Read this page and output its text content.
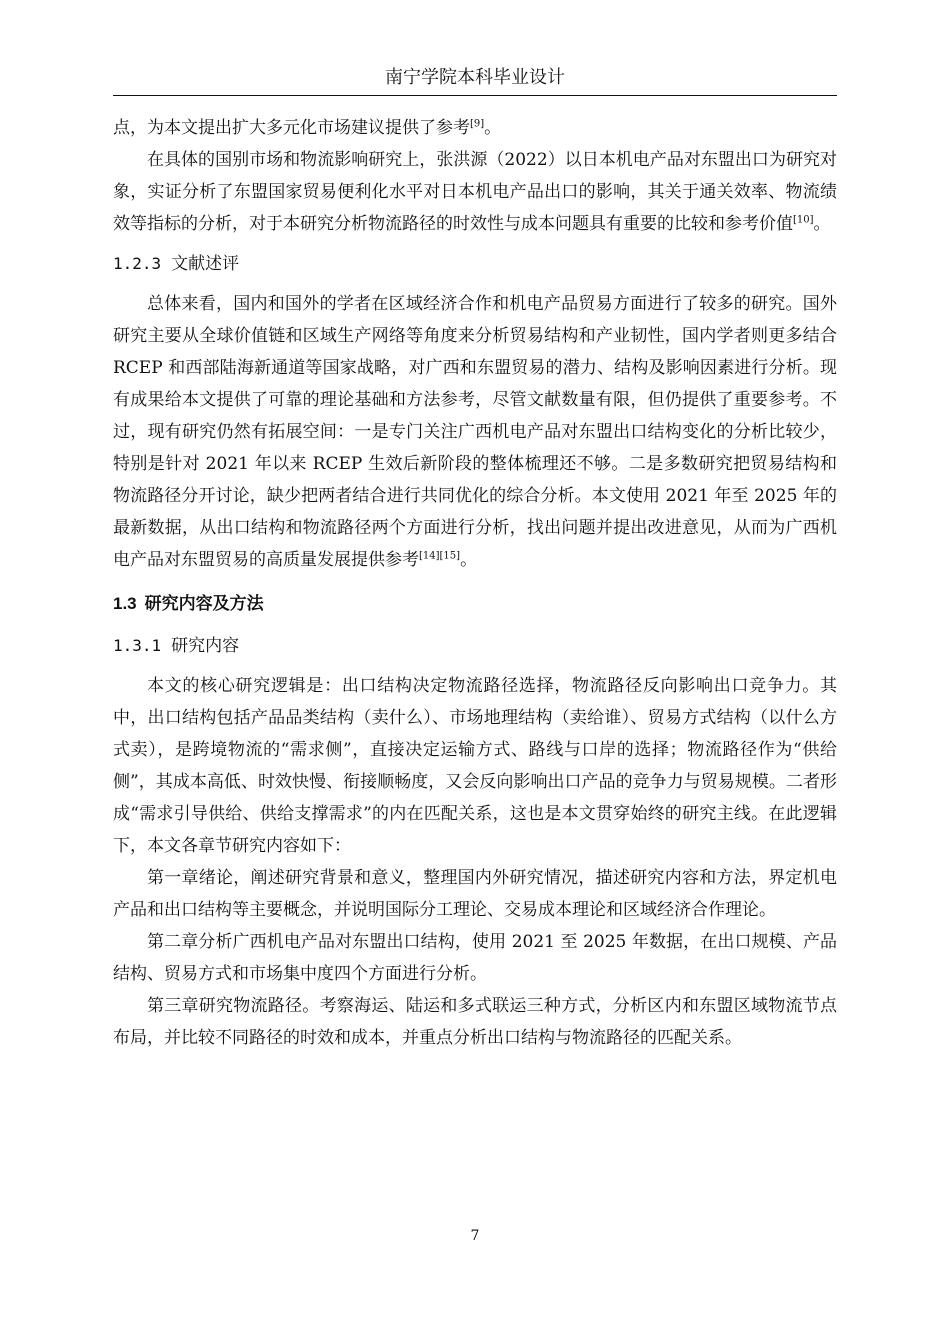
南宁学院本科毕业设计

点，为本文提出扩大多元化市场建议提供了参考[9]。

在具体的国别市场和物流影响研究上，张洪源（2022）以日本机电产品对东盟出口为研究对象，实证分析了东盟国家贸易便利化水平对日本机电产品出口的影响，其关于通关效率、物流绩效等指标的分析，对于本研究分析物流路径的时效性与成本问题具有重要的比较和参考价值[10]。

1.2.3 文献述评

总体来看，国内和国外的学者在区域经济合作和机电产品贸易方面进行了较多的研究。国外研究主要从全球价值链和区域生产网络等角度来分析贸易结构和产业韧性，国内学者则更多结合 RCEP 和西部陆海新通道等国家战略，对广西和东盟贸易的潜力、结构及影响因素进行分析。现有成果给本文提供了可靠的理论基础和方法参考，尽管文献数量有限，但仍提供了重要参考。不过，现有研究仍然有拓展空间：一是专门关注广西机电产品对东盟出口结构变化的分析比较少，特别是针对 2021 年以来 RCEP 生效后新阶段的整体梳理还不够。二是多数研究把贸易结构和物流路径分开讨论，缺少把两者结合进行共同优化的综合分析。本文使用 2021 年至 2025 年的最新数据，从出口结构和物流路径两个方面进行分析，找出问题并提出改进意见，从而为广西机电产品对东盟贸易的高质量发展提供参考[14][15]。

1.3 研究内容及方法
1.3.1 研究内容

本文的核心研究逻辑是：出口结构决定物流路径选择，物流路径反向影响出口竞争力。其中，出口结构包括产品品类结构（卖什么）、市场地理结构（卖给谁）、贸易方式结构（以什么方式卖），是跨境物流的“需求侧”，直接决定运输方式、路线与口岸的选择；物流路径作为“供给侧”，其成本高低、时效快慢、衔接顺畅度，又会反向影响出口产品的竞争力与贸易规模。二者形成“需求引导供给、供给支撑需求”的内在匹配关系，这也是本文贯穿始终的研究主线。在此逻辑下，本文各章节研究内容如下：

第一章绪论，阐述研究背景和意义，整理国内外研究情况，描述研究内容和方法，界定机电产品和出口结构等主要概念，并说明国际分工理论、交易成本理论和区域经济合作理论。

第二章分析广西机电产品对东盟出口结构，使用 2021 至 2025 年数据，在出口规模、产品结构、贸易方式和市场集中度四个方面进行分析。

第三章研究物流路径。考察海运、陆运和多式联运三种方式，分析区内和东盟区域物流节点布局，并比较不同路径的时效和成本，并重点分析出口结构与物流路径的匹配关系。

7
